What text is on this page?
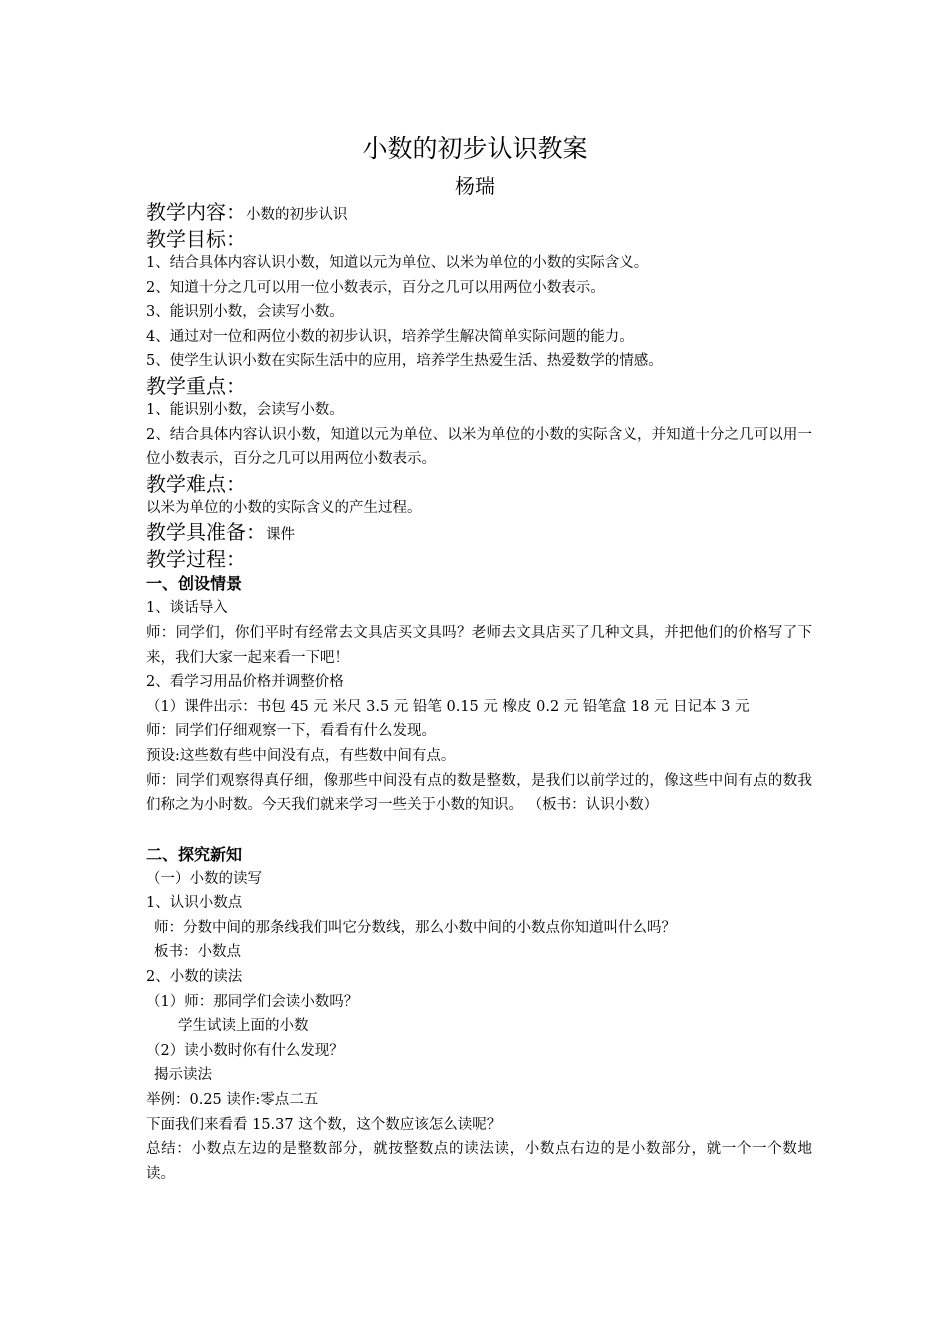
小数的初步认识教案
杨瑞

教学内容：小数的初步认识

教学目标：

1、结合具体内容认识小数，知道以元为单位、以米为单位的小数的实际含义。

2、知道十分之几可以用一位小数表示，百分之几可以用两位小数表示。

3、能识别小数，会读写小数。

4、通过对一位和两位小数的初步认识，培养学生解决简单实际问题的能力。

5、使学生认识小数在实际生活中的应用，培养学生热爱生活、热爱数学的情感。

教学重点：

1、能识别小数，会读写小数。

2、结合具体内容认识小数，知道以元为单位、以米为单位的小数的实际含义，并知道十分之几可以用一位小数表示，百分之几可以用两位小数表示。

教学难点：

以米为单位的小数的实际含义的产生过程。

教学具准备：课件

教学过程：

一、创设情景

1、谈话导入

师：同学们，你们平时有经常去文具店买文具吗？老师去文具店买了几种文具，并把他们的价格写了下来，我们大家一起来看一下吧！

2、看学习用品价格并调整价格

（1）课件出示：书包 45 元 米尺 3.5 元 铅笔 0.15 元 橡皮 0.2 元 铅笔盒 18 元 日记本 3 元

师：同学们仔细观察一下，看看有什么发现。

预设:这些数有些中间没有点，有些数中间有点。

师：同学们观察得真仔细，像那些中间没有点的数是整数，是我们以前学过的，像这些中间有点的数我们称之为小时数。今天我们就来学习一些关于小数的知识。 （板书：认识小数）

二、探究新知

（一）小数的读写

1、认识小数点

师：分数中间的那条线我们叫它分数线，那么小数中间的小数点你知道叫什么吗？

板书：小数点

2、小数的读法

（1）师：那同学们会读小数吗？

学生试读上面的小数

（2）读小数时你有什么发现？

揭示读法

举例：0.25 读作:零点二五

下面我们来看看 15.37 这个数，这个数应该怎么读呢？

总结：小数点左边的是整数部分，就按整数点的读法读，小数点右边的是小数部分，就一个一个数地读。
